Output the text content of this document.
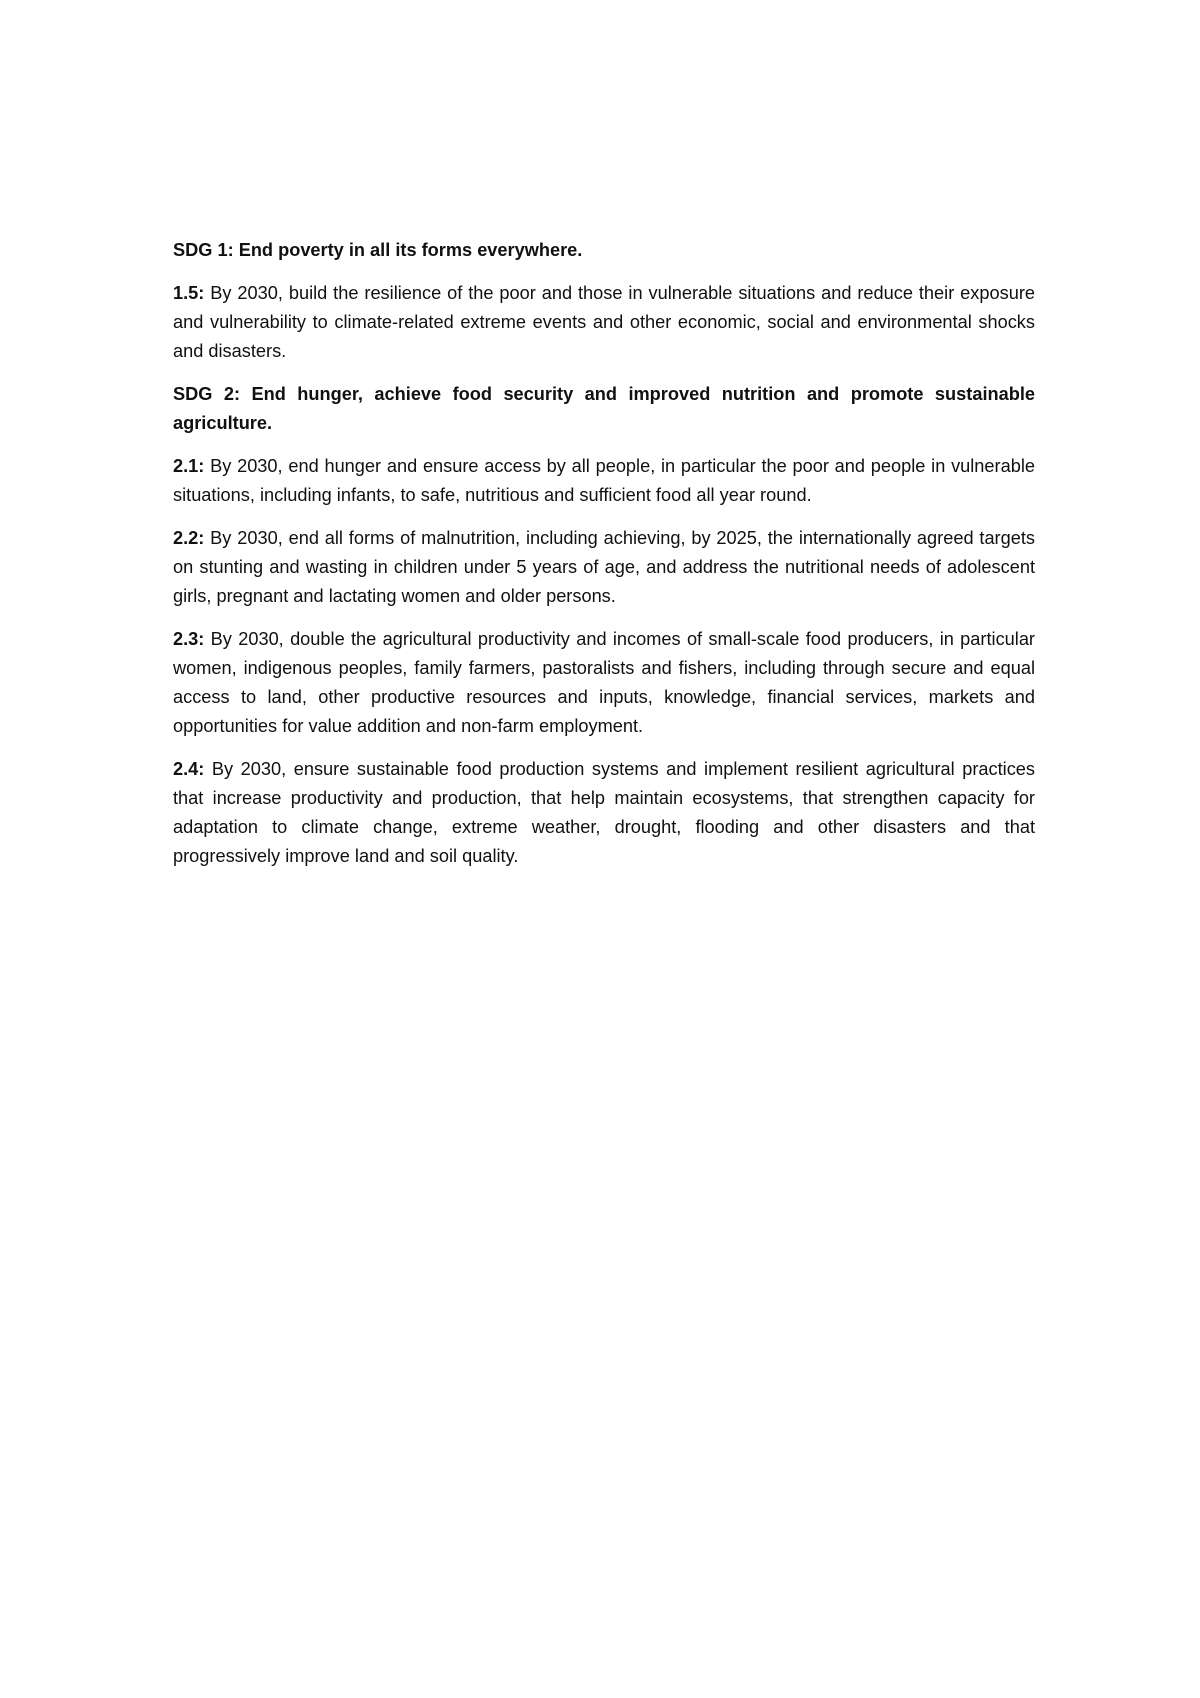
SDG 1: End poverty in all its forms everywhere.

1.5: By 2030, build the resilience of the poor and those in vulnerable situations and reduce their exposure and vulnerability to climate-related extreme events and other economic, social and environmental shocks and disasters.

SDG 2: End hunger, achieve food security and improved nutrition and promote sustainable agriculture.

2.1: By 2030, end hunger and ensure access by all people, in particular the poor and people in vulnerable situations, including infants, to safe, nutritious and sufficient food all year round.

2.2: By 2030, end all forms of malnutrition, including achieving, by 2025, the internationally agreed targets on stunting and wasting in children under 5 years of age, and address the nutritional needs of adolescent girls, pregnant and lactating women and older persons.

2.3: By 2030, double the agricultural productivity and incomes of small-scale food producers, in particular women, indigenous peoples, family farmers, pastoralists and fishers, including through secure and equal access to land, other productive resources and inputs, knowledge, financial services, markets and opportunities for value addition and non-farm employment.

2.4: By 2030, ensure sustainable food production systems and implement resilient agricultural practices that increase productivity and production, that help maintain ecosystems, that strengthen capacity for adaptation to climate change, extreme weather, drought, flooding and other disasters and that progressively improve land and soil quality.
